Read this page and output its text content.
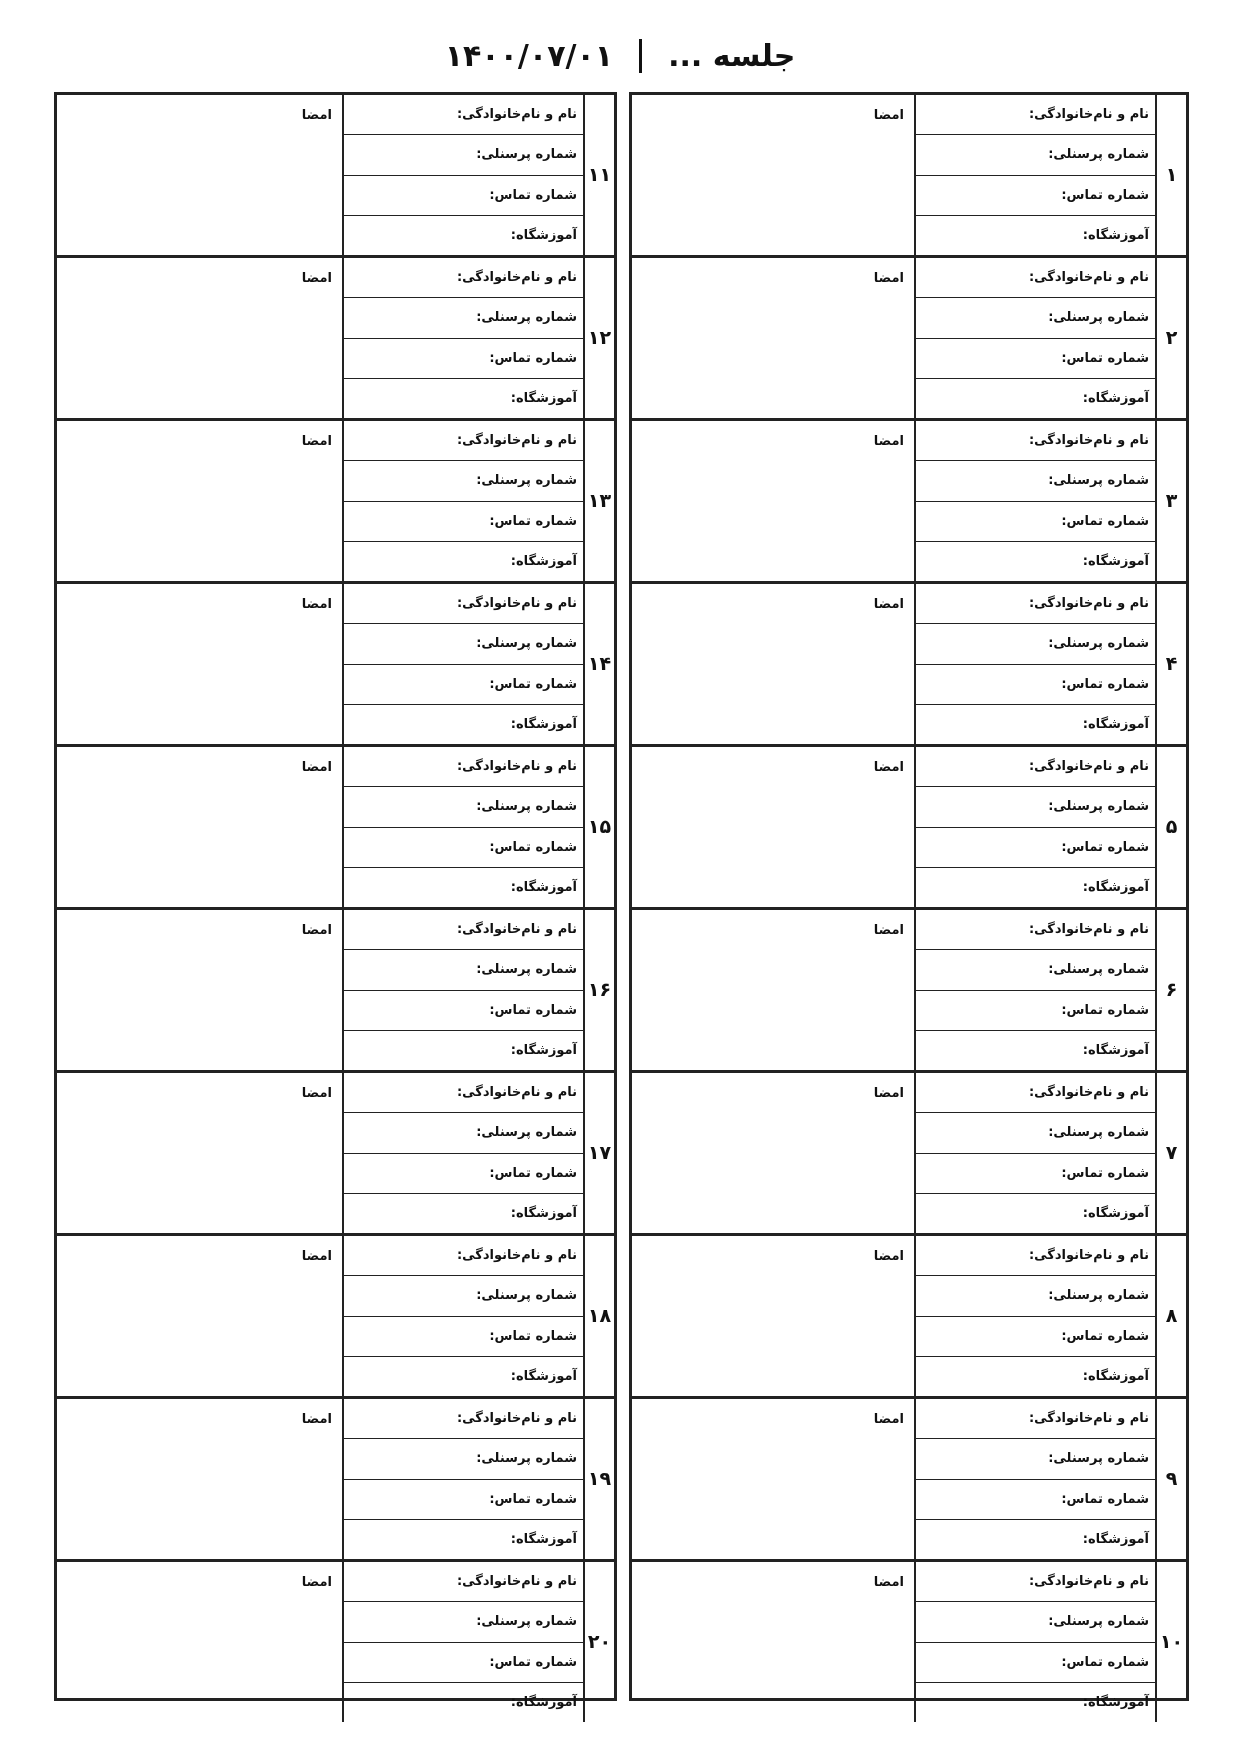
جلسه ...
۱۴۰۰/۰۷/۰۱
۱
نام و نام‌خانوادگی:
شماره پرسنلی:
شماره تماس:
آموزشگاه:
امضا
۲
نام و نام‌خانوادگی:
شماره پرسنلی:
شماره تماس:
آموزشگاه:
امضا
۳
نام و نام‌خانوادگی:
شماره پرسنلی:
شماره تماس:
آموزشگاه:
امضا
۴
نام و نام‌خانوادگی:
شماره پرسنلی:
شماره تماس:
آموزشگاه:
امضا
۵
نام و نام‌خانوادگی:
شماره پرسنلی:
شماره تماس:
آموزشگاه:
امضا
۶
نام و نام‌خانوادگی:
شماره پرسنلی:
شماره تماس:
آموزشگاه:
امضا
۷
نام و نام‌خانوادگی:
شماره پرسنلی:
شماره تماس:
آموزشگاه:
امضا
۸
نام و نام‌خانوادگی:
شماره پرسنلی:
شماره تماس:
آموزشگاه:
امضا
۹
نام و نام‌خانوادگی:
شماره پرسنلی:
شماره تماس:
آموزشگاه:
امضا
۱۰
نام و نام‌خانوادگی:
شماره پرسنلی:
شماره تماس:
آموزشگاه:
امضا
۱۱
نام و نام‌خانوادگی:
شماره پرسنلی:
شماره تماس:
آموزشگاه:
امضا
۱۲
نام و نام‌خانوادگی:
شماره پرسنلی:
شماره تماس:
آموزشگاه:
امضا
۱۳
نام و نام‌خانوادگی:
شماره پرسنلی:
شماره تماس:
آموزشگاه:
امضا
۱۴
نام و نام‌خانوادگی:
شماره پرسنلی:
شماره تماس:
آموزشگاه:
امضا
۱۵
نام و نام‌خانوادگی:
شماره پرسنلی:
شماره تماس:
آموزشگاه:
امضا
۱۶
نام و نام‌خانوادگی:
شماره پرسنلی:
شماره تماس:
آموزشگاه:
امضا
۱۷
نام و نام‌خانوادگی:
شماره پرسنلی:
شماره تماس:
آموزشگاه:
امضا
۱۸
نام و نام‌خانوادگی:
شماره پرسنلی:
شماره تماس:
آموزشگاه:
امضا
۱۹
نام و نام‌خانوادگی:
شماره پرسنلی:
شماره تماس:
آموزشگاه:
امضا
۲۰
نام و نام‌خانوادگی:
شماره پرسنلی:
شماره تماس:
آموزشگاه:
امضا
